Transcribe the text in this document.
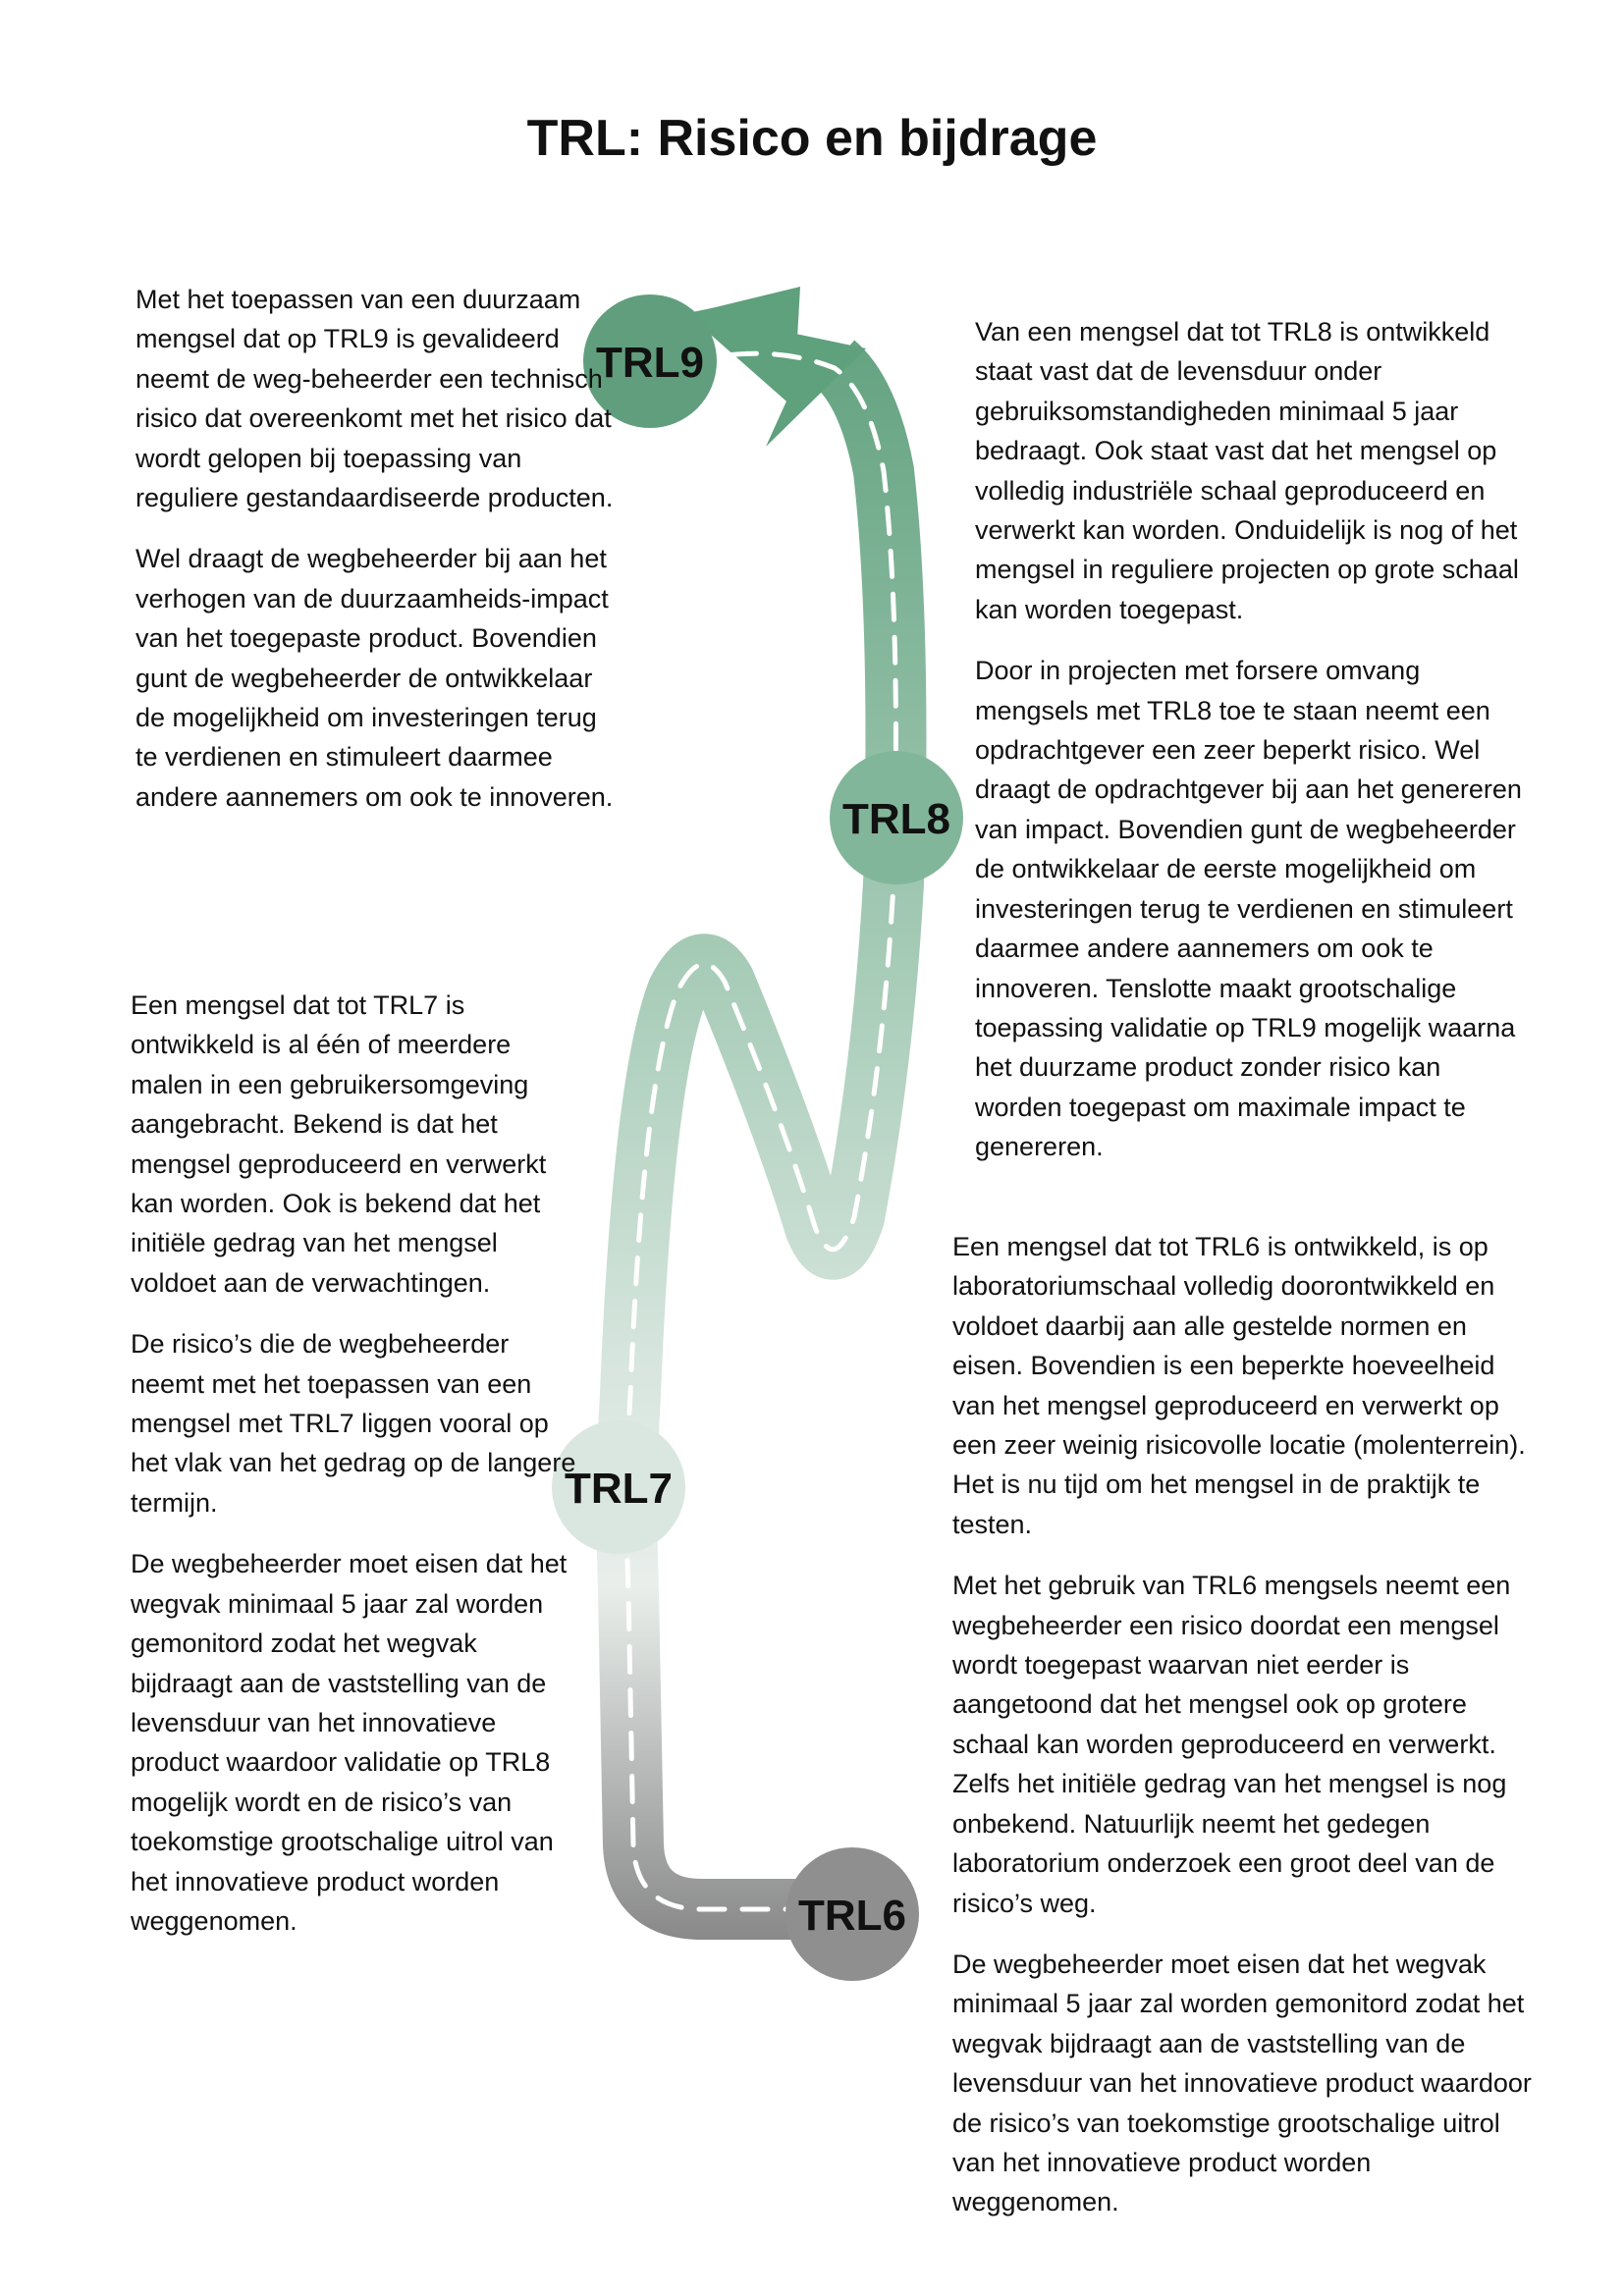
TRL: Risico en bijdrage
TRL9
TRL8
TRL7
TRL6

Met het toepassen van een duurzaam mengsel dat op TRL9 is gevalideerd neemt de weg-beheerder een technisch risico dat overeenkomt met het risico dat wordt gelopen bij toepassing van reguliere gestandaardiseerde producten.

Wel draagt de wegbeheerder bij aan het verhogen van de duurzaamheids-impact van het toegepaste product. Bovendien gunt de wegbeheerder de ontwikkelaar de mogelijkheid om investeringen terug te verdienen en stimuleert daarmee andere aannemers om ook te innoveren.

Van een mengsel dat tot TRL8 is ontwikkeld staat vast dat de levensduur onder gebruiksomstandigheden minimaal 5 jaar bedraagt. Ook staat vast dat het mengsel op volledig industriële schaal geproduceerd en verwerkt kan worden. Onduidelijk is nog of het mengsel in reguliere projecten op grote schaal kan worden toegepast.

Door in projecten met forsere omvang mengsels met TRL8 toe te staan neemt een opdrachtgever een zeer beperkt risico. Wel draagt de opdrachtgever bij aan het genereren van impact. Bovendien gunt de wegbeheerder de ontwikkelaar de eerste mogelijkheid om investeringen terug te verdienen en stimuleert daarmee andere aannemers om ook te innoveren. Tenslotte maakt grootschalige toepassing validatie op TRL9 mogelijk waarna het duurzame product zonder risico kan worden toegepast om maximale impact te genereren.

Een mengsel dat tot TRL7 is ontwikkeld is al één of meerdere malen in een gebruikersomgeving aangebracht. Bekend is dat het mengsel geproduceerd en verwerkt kan worden. Ook is bekend dat het initiële gedrag van het mengsel voldoet aan de verwachtingen.

De risico’s die de wegbeheerder neemt met het toepassen van een mengsel met TRL7 liggen vooral op het vlak van het gedrag op de langere termijn.

De wegbeheerder moet eisen dat het wegvak minimaal 5 jaar zal worden gemonitord zodat het wegvak bijdraagt aan de vaststelling van de levensduur van het innovatieve product waardoor validatie op TRL8 mogelijk wordt en de risico’s van toekomstige grootschalige uitrol van het innovatieve product worden weggenomen.

Een mengsel dat tot TRL6 is ontwikkeld, is op laboratoriumschaal volledig doorontwikkeld en voldoet daarbij aan alle gestelde normen en eisen. Bovendien is een beperkte hoeveelheid van het mengsel geproduceerd en verwerkt op een zeer weinig risicovolle locatie (molenterrein). Het is nu tijd om het mengsel in de praktijk te testen.

Met het gebruik van TRL6 mengsels neemt een wegbeheerder een risico doordat een mengsel wordt toegepast waarvan niet eerder is aangetoond dat het mengsel ook op grotere schaal kan worden geproduceerd en verwerkt. Zelfs het initiële gedrag van het mengsel is nog onbekend. Natuurlijk neemt het gedegen laboratorium onderzoek een groot deel van de risico’s weg.

De wegbeheerder moet eisen dat het wegvak minimaal 5 jaar zal worden gemonitord zodat het wegvak bijdraagt aan de vaststelling van de levensduur van het innovatieve product waardoor de risico’s van toekomstige grootschalige uitrol van het innovatieve product worden weggenomen.
